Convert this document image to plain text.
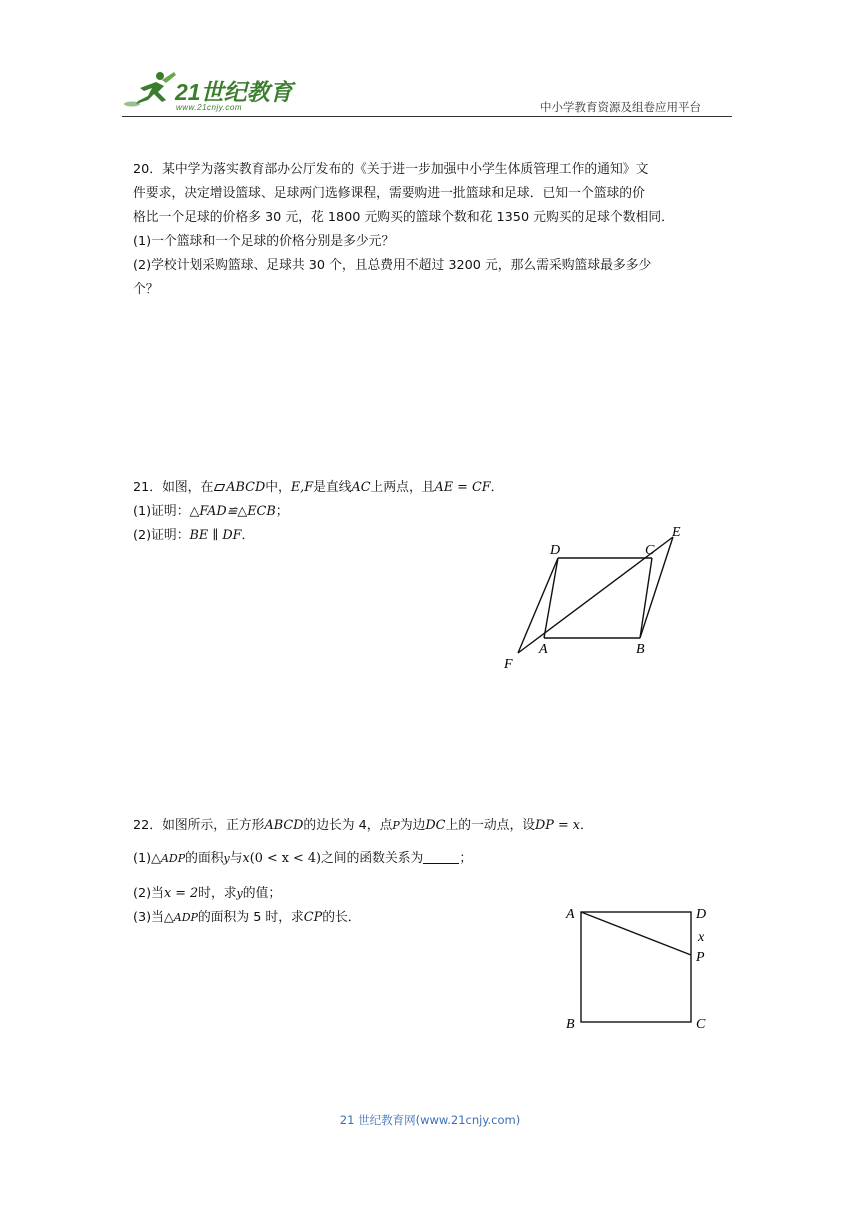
21世纪教育
www.21cnjy.com	中小学教育资源及组卷应用平台
20．某中学为落实教育部办公厅发布的《关于进一步加强中小学生体质管理工作的通知》文
件要求，决定增设篮球、足球两门选修课程，需要购进一批篮球和足球．已知一个篮球的价
格比一个足球的价格多 30 元，花 1800 元购买的篮球个数和花 1350 元购买的足球个数相同．
(1)一个篮球和一个足球的价格分别是多少元？
(2)学校计划采购篮球、足球共 30 个，且总费用不超过 3200 元，那么需采购篮球最多多少
个？
21．如图，在 ABCD中，E,F是直线AC上两点，且AE = CF．
(1)证明：△FAD≌△ECB；
(2)证明：BE ∥ DF．
D	C
E
A	B
F
22．如图所示，正方形ABCD的边长为 4，点P为边DC上的一动点，设DP = x．
(1)△ADP的面积y与x(0 < x < 4)之间的函数关系为	；
(2)当x = 2时，求y的值；
(3)当△ADP的面积为 5 时，求CP的长．	A	D
x
P
B	C
21 世纪教育网(www.21cnjy.com)
